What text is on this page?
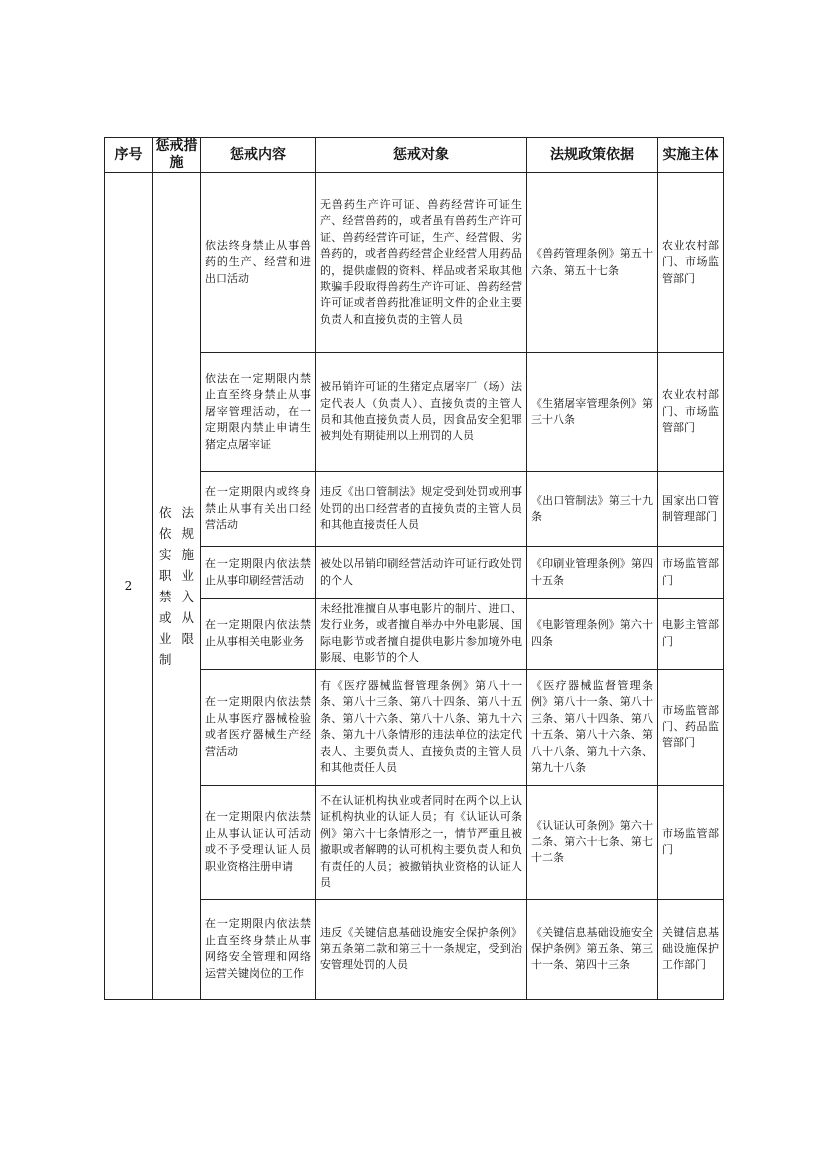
序号	惩戒措施	惩戒内容	惩戒对象	法规政策依据	实施主体
2	依法依规实施职业禁入或从业限制	依法终身禁止从事兽药的生产、经营和进出口活动	无兽药生产许可证、兽药经营许可证生产、经营兽药的，或者虽有兽药生产许可证、兽药经营许可证，生产、经营假、劣兽药的，或者兽药经营企业经营人用药品的，提供虚假的资料、样品或者采取其他欺骗手段取得兽药生产许可证、兽药经营许可证或者兽药批准证明文件的企业主要负责人和直接负责的主管人员	《兽药管理条例》第五十六条、第五十七条	农业农村部门、市场监管部门

		依法在一定期限内禁止直至终身禁止从事屠宰管理活动，在一定期限内禁止申请生猪定点屠宰证	被吊销许可证的生猪定点屠宰厂（场）法定代表人（负责人）、直接负责的主管人员和其他直接负责人员，因食品安全犯罪被判处有期徒刑以上刑罚的人员	《生猪屠宰管理条例》第三十八条	农业农村部门、市场监管部门

		在一定期限内或终身禁止从事有关出口经营活动	违反《出口管制法》规定受到处罚或刑事处罚的出口经营者的直接负责的主管人员和其他直接责任人员	《出口管制法》第三十九条	国家出口管制管理部门

		在一定期限内依法禁止从事印刷经营活动	被处以吊销印刷经营活动许可证行政处罚的个人	《印刷业管理条例》第四十五条	市场监管部门

		在一定期限内依法禁止从事相关电影业务	未经批准擅自从事电影片的制片、进口、发行业务，或者擅自举办中外电影展、国际电影节或者擅自提供电影片参加境外电影展、电影节的个人	《电影管理条例》第六十四条	电影主管部门

		在一定期限内依法禁止从事医疗器械检验或者医疗器械生产经营活动	有《医疗器械监督管理条例》第八十一条、第八十三条、第八十四条、第八十五条、第八十六条、第八十八条、第九十六条、第九十八条情形的违法单位的法定代表人、主要负责人、直接负责的主管人员和其他责任人员	《医疗器械监督管理条例》第八十一条、第八十三条、第八十四条、第八十五条、第八十六条、第八十八条、第九十六条、第九十八条	市场监管部门、药品监管部门

		在一定期限内依法禁止从事认证认可活动或不予受理认证人员职业资格注册申请	不在认证机构执业或者同时在两个以上认证机构执业的认证人员；有《认证认可条例》第六十七条情形之一，情节严重且被撤职或者解聘的认可机构主要负责人和负有责任的人员；被撤销执业资格的认证人员	《认证认可条例》第六十二条、第六十七条、第七十二条	市场监管部门

		在一定期限内依法禁止直至终身禁止从事网络安全管理和网络运营关键岗位的工作	违反《关键信息基础设施安全保护条例》第五条第二款和第三十一条规定，受到治安管理处罚的人员	《关键信息基础设施安全保护条例》第五条、第三十一条、第四十三条	关键信息基础设施保护工作部门
